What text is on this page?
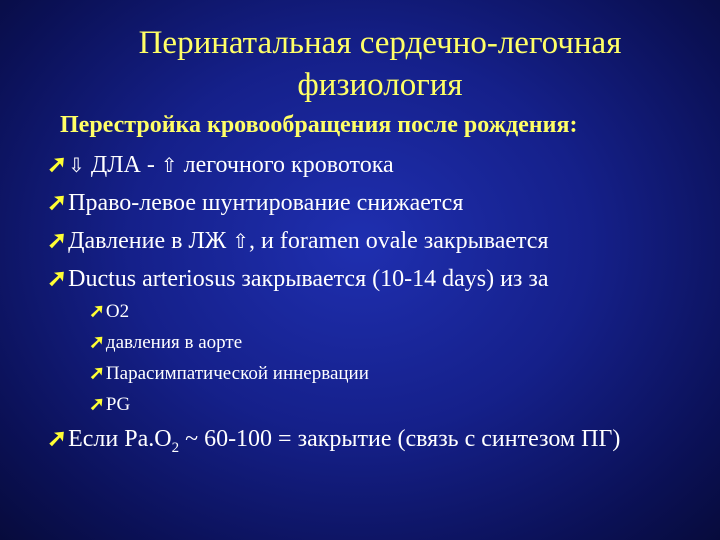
Перинатальная сердечно-легочная физиология
Перестройка кровообращения после рождения:
➚⇩ ДЛА - ⇧ легочного кровотока
➚Право-левое шунтирование снижается
➚Давление в ЛЖ ⇧, и foramen ovale закрывается
➚Ductus arteriosus закрывается (10-14 days) из за
➚O2
➚давления в аорте
➚Парасимпатической иннервации
➚PG
➚Если $Pa.O_2$ ~ 60-100 = закрытие (связь с синтезом ПГ)
